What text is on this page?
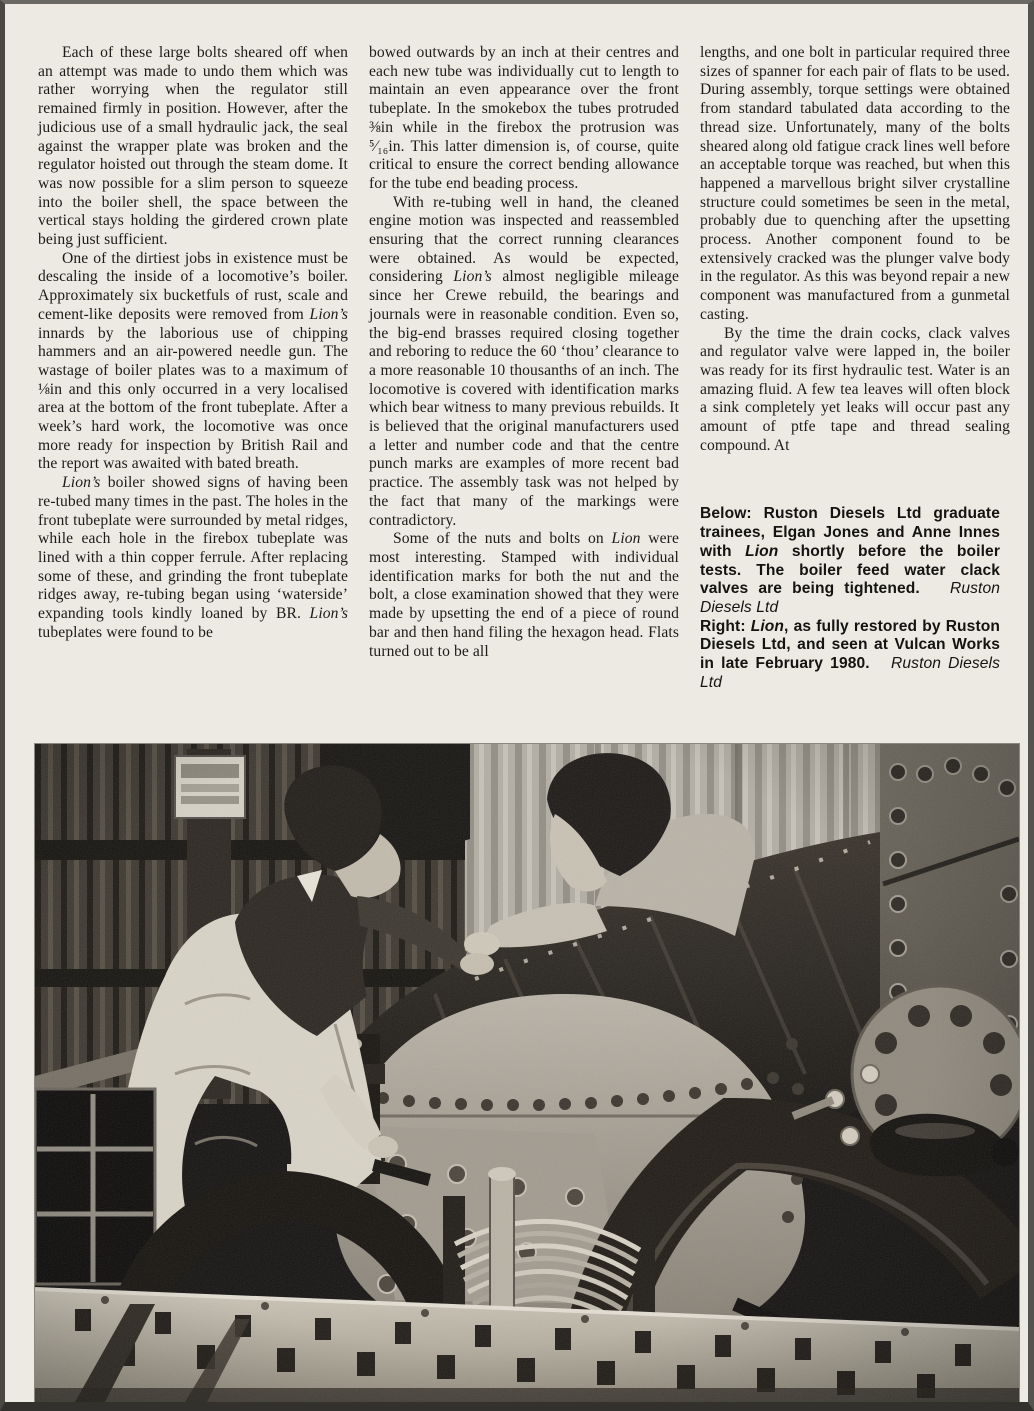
Each of these large bolts sheared off when an attempt was made to undo them which was rather worrying when the regulator still remained firmly in position. However, after the judicious use of a small hydraulic jack, the seal against the wrapper plate was broken and the regulator hoisted out through the steam dome. It was now possible for a slim person to squeeze into the boiler shell, the space between the vertical stays holding the girdered crown plate being just sufficient.

One of the dirtiest jobs in existence must be descaling the inside of a locomotive’s boiler. Approximately six bucketfuls of rust, scale and cement-like deposits were removed from Lion’s innards by the laborious use of chipping hammers and an air-powered needle gun. The wastage of boiler plates was to a maximum of ⅛in and this only occurred in a very localised area at the bottom of the front tubeplate. After a week’s hard work, the locomotive was once more ready for inspection by British Rail and the report was awaited with bated breath.

Lion’s boiler showed signs of having been re-tubed many times in the past. The holes in the front tubeplate were surrounded by metal ridges, while each hole in the firebox tubeplate was lined with a thin copper ferrule. After replacing some of these, and grinding the front tubeplate ridges away, re-tubing began using ‘waterside’ expanding tools kindly loaned by BR. Lion’s tubeplates were found to be

bowed outwards by an inch at their centres and each new tube was individually cut to length to maintain an even appearance over the front tubeplate. In the smokebox the tubes protruded ⅜in while in the firebox the protrusion was ⁵⁄₁₆in. This latter dimension is, of course, quite critical to ensure the correct bending allowance for the tube end beading process.

With re-tubing well in hand, the cleaned engine motion was inspected and reassembled ensuring that the correct running clearances were obtained. As would be expected, considering Lion’s almost negligible mileage since her Crewe rebuild, the bearings and journals were in reasonable condition. Even so, the big-end brasses required closing together and reboring to reduce the 60 ‘thou’ clearance to a more reasonable 10 thousanths of an inch. The locomotive is covered with identification marks which bear witness to many previous rebuilds. It is believed that the original manufacturers used a letter and number code and that the centre punch marks are examples of more recent bad practice. The assembly task was not helped by the fact that many of the markings were contradictory.

Some of the nuts and bolts on Lion were most interesting. Stamped with individual identification marks for both the nut and the bolt, a close examination showed that they were made by upsetting the end of a piece of round bar and then hand filing the hexagon head. Flats turned out to be all

lengths, and one bolt in particular required three sizes of spanner for each pair of flats to be used. During assembly, torque settings were obtained from standard tabulated data according to the thread size. Unfortunately, many of the bolts sheared along old fatigue crack lines well before an acceptable torque was reached, but when this happened a marvellous bright silver crystalline structure could sometimes be seen in the metal, probably due to quenching after the upsetting process. Another component found to be extensively cracked was the plunger valve body in the regulator. As this was beyond repair a new component was manufactured from a gunmetal casting.

By the time the drain cocks, clack valves and regulator valve were lapped in, the boiler was ready for its first hydraulic test. Water is an amazing fluid. A few tea leaves will often block a sink completely yet leaks will occur past any amount of ptfe tape and thread sealing compound. At

Below: Ruston Diesels Ltd graduate trainees, Elgan Jones and Anne Innes with Lion shortly before the boiler tests. The boiler feed water clack valves are being tightened.   Ruston Diesels Ltd

Right: Lion, as fully restored by Ruston Diesels Ltd, and seen at Vulcan Works in late February 1980.   Ruston Diesels Ltd
